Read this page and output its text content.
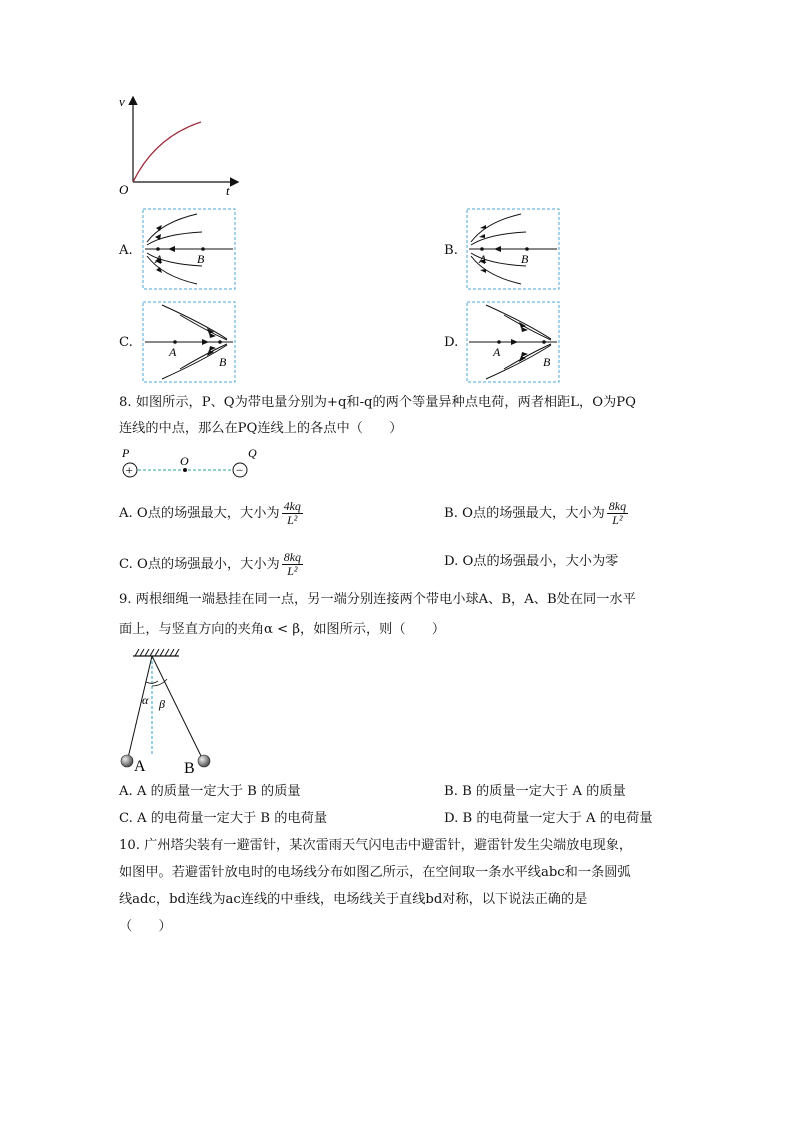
v
t
O
A.
A	B
B.
A	B
C.
A
B
D.
A
B
8. 如图所示，P、Q为带电量分别为+q和-q的两个等量异种点电荷，两者相距L，O为PQ
连线的中点，那么在PQ连线上的各点中（　　）
P	Q
O
+	−
A. O点的场强最大，大小为 $\frac{4kq}{\text{L²}}$	B. O点的场强最大，大小为 $\frac{8kq}{\text{L²}}$
C. O点的场强最小，大小为 $\frac{8kq}{\text{L²}}$	D. O点的场强最小，大小为零
9. 两根细绳一端悬挂在同一点，另一端分别连接两个带电小球A、B，A、B处在同一水平
面上，与竖直方向的夹角α < β，如图所示，则（　　）
α β
A B
A. A 的质量一定大于 B 的质量	B. B 的质量一定大于 A 的质量
C. A 的电荷量一定大于 B 的电荷量	D. B 的电荷量一定大于 A 的电荷量
10. 广州塔尖装有一避雷针，某次雷雨天气闪电击中避雷针，避雷针发生尖端放电现象，
如图甲。若避雷针放电时的电场线分布如图乙所示，在空间取一条水平线abc和一条圆弧
线adc，bd连线为ac连线的中垂线，电场线关于直线bd对称，以下说法正确的是
（　　）
